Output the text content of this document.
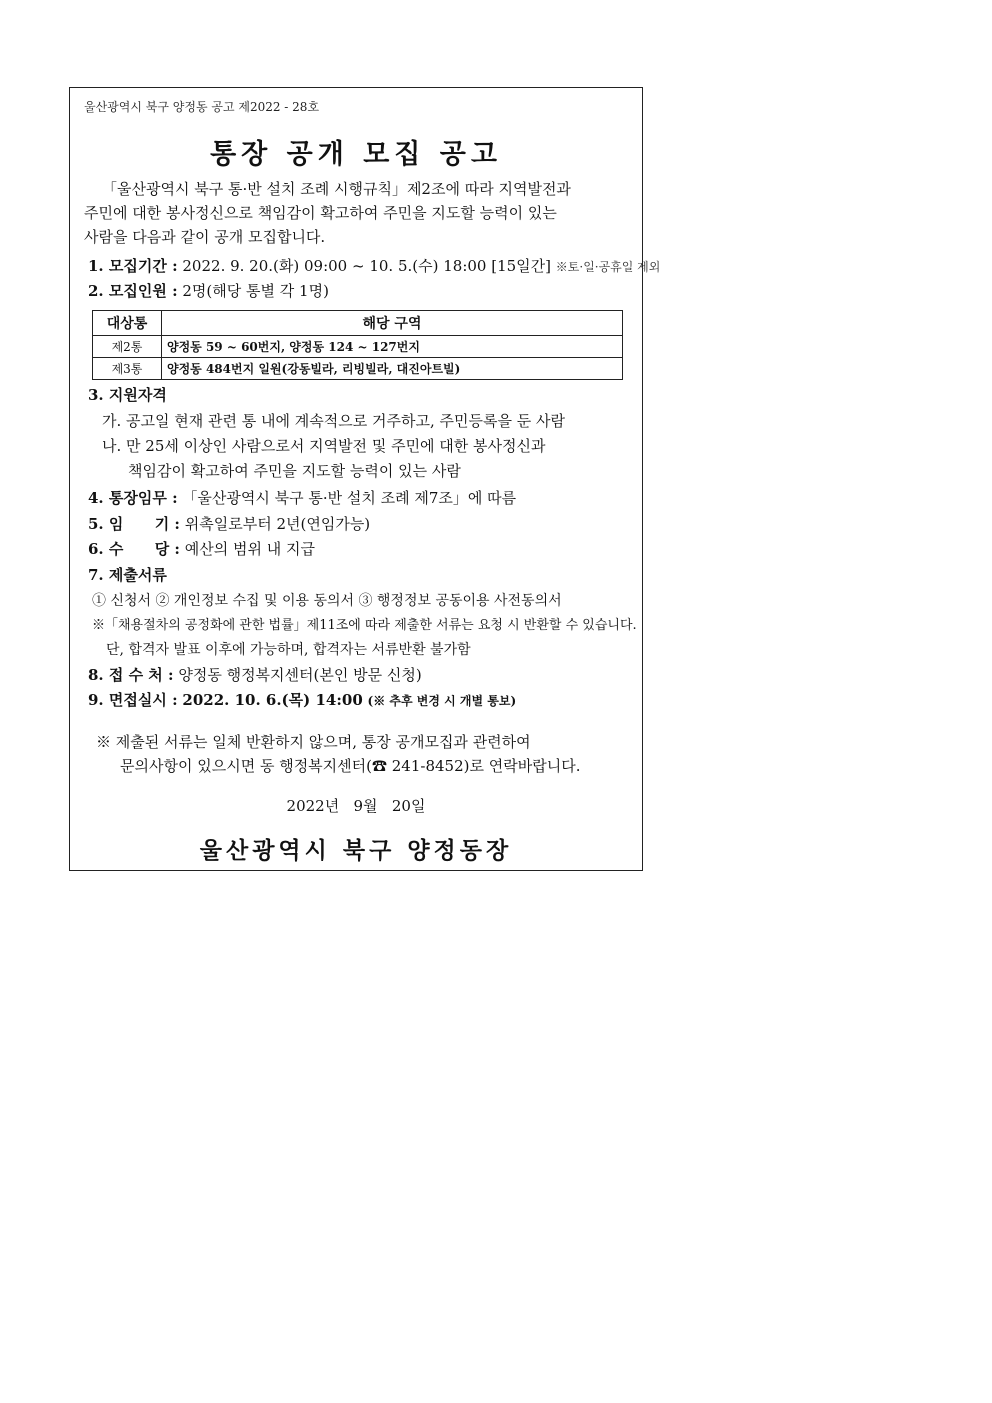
울산광역시 북구 양정동 공고 제2022 - 28호
통장 공개 모집 공고
「울산광역시 북구 통·반 설치 조례 시행규칙」제2조에 따라 지역발전과
주민에 대한 봉사정신으로 책임감이 확고하여 주민을 지도할 능력이 있는
사람을 다음과 같이 공개 모집합니다.
1. 모집기간 : 2022. 9. 20.(화) 09:00 ~ 10. 5.(수) 18:00 [15일간] ※토·일·공휴일 제외
2. 모집인원 : 2명(해당 통별 각 1명)
대상통	해당 구역
제2통	양정동 59 ~ 60번지, 양정동 124 ~ 127번지
제3통	양정동 484번지 일원(강동빌라, 리빙빌라, 대진아트빌)
3. 지원자격
가. 공고일 현재 관련 통 내에 계속적으로 거주하고, 주민등록을 둔 사람
나. 만 25세 이상인 사람으로서 지역발전 및 주민에 대한 봉사정신과
책임감이 확고하여 주민을 지도할 능력이 있는 사람
4. 통장임무 : 「울산광역시 북구 통·반 설치 조례 제7조」에 따름
5. 임      기 : 위촉일로부터 2년(연임가능)
6. 수      당 : 예산의 범위 내 지급
7. 제출서류
① 신청서 ② 개인정보 수집 및 이용 동의서 ③ 행정정보 공동이용 사전동의서
※「채용절차의 공정화에 관한 법률」제11조에 따라 제출한 서류는 요청 시 반환할 수 있습니다.
단, 합격자 발표 이후에 가능하며, 합격자는 서류반환 불가함
8. 접 수 처 : 양정동 행정복지센터(본인 방문 신청)
9. 면접실시 : 2022. 10. 6.(목) 14:00 (※ 추후 변경 시 개별 통보)
※ 제출된 서류는 일체 반환하지 않으며, 통장 공개모집과 관련하여
문의사항이 있으시면 동 행정복지센터(☎ 241-8452)로 연락바랍니다.
2022년   9월   20일
울산광역시 북구 양정동장
